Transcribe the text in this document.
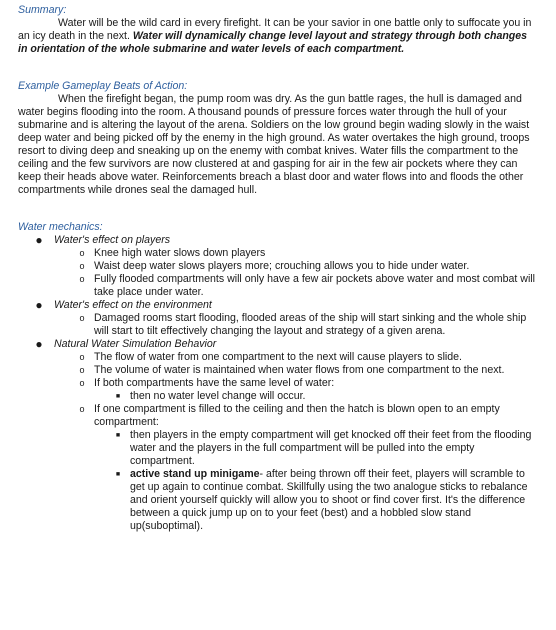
Summary:

Water will be the wild card in every firefight. It can be your savior in one battle only to suffocate you in an icy death in the next. Water will dynamically change level layout and strategy through both changes in orientation of the whole submarine and water levels of each compartment.

Example Gameplay Beats of Action:

When the firefight began, the pump room was dry. As the gun battle rages, the hull is damaged and water begins flooding into the room. A thousand pounds of pressure forces water through the hull of your submarine and is altering the layout of the arena. Soldiers on the low ground begin wading slowly in the waist deep water and being picked off by the enemy in the high ground. As water overtakes the high ground, troops resort to diving deep and sneaking up on the enemy with combat knives. Water fills the compartment to the ceiling and the few survivors are now clustered at and gasping for air in the few air pockets where they can keep their heads above water. Reinforcements breach a blast door and water flows into and floods the other compartments while drones seal the damaged hull.

Water mechanics:

● Water's effect on players
o Knee high water slows down players
o Waist deep water slows players more; crouching allows you to hide under water.
o Fully flooded compartments will only have a few air pockets above water and most combat will take place under water.
● Water's effect on the environment
o Damaged rooms start flooding, flooded areas of the ship will start sinking and the whole ship will start to tilt effectively changing the layout and strategy of a given arena.
● Natural Water Simulation Behavior
o The flow of water from one compartment to the next will cause players to slide.
o The volume of water is maintained when water flows from one compartment to the next.
o If both compartments have the same level of water:
■ then no water level change will occur.
o If one compartment is filled to the ceiling and then the hatch is blown open to an empty compartment:
■ then players in the empty compartment will get knocked off their feet from the flooding water and the players in the full compartment will be pulled into the empty compartment.
■ active stand up minigame- after being thrown off their feet, players will scramble to get up again to continue combat. Skillfully using the two analogue sticks to rebalance and orient yourself quickly will allow you to shoot or find cover first. It's the difference between a quick jump up on to your feet (best) and a hobbled slow stand up(suboptimal).
